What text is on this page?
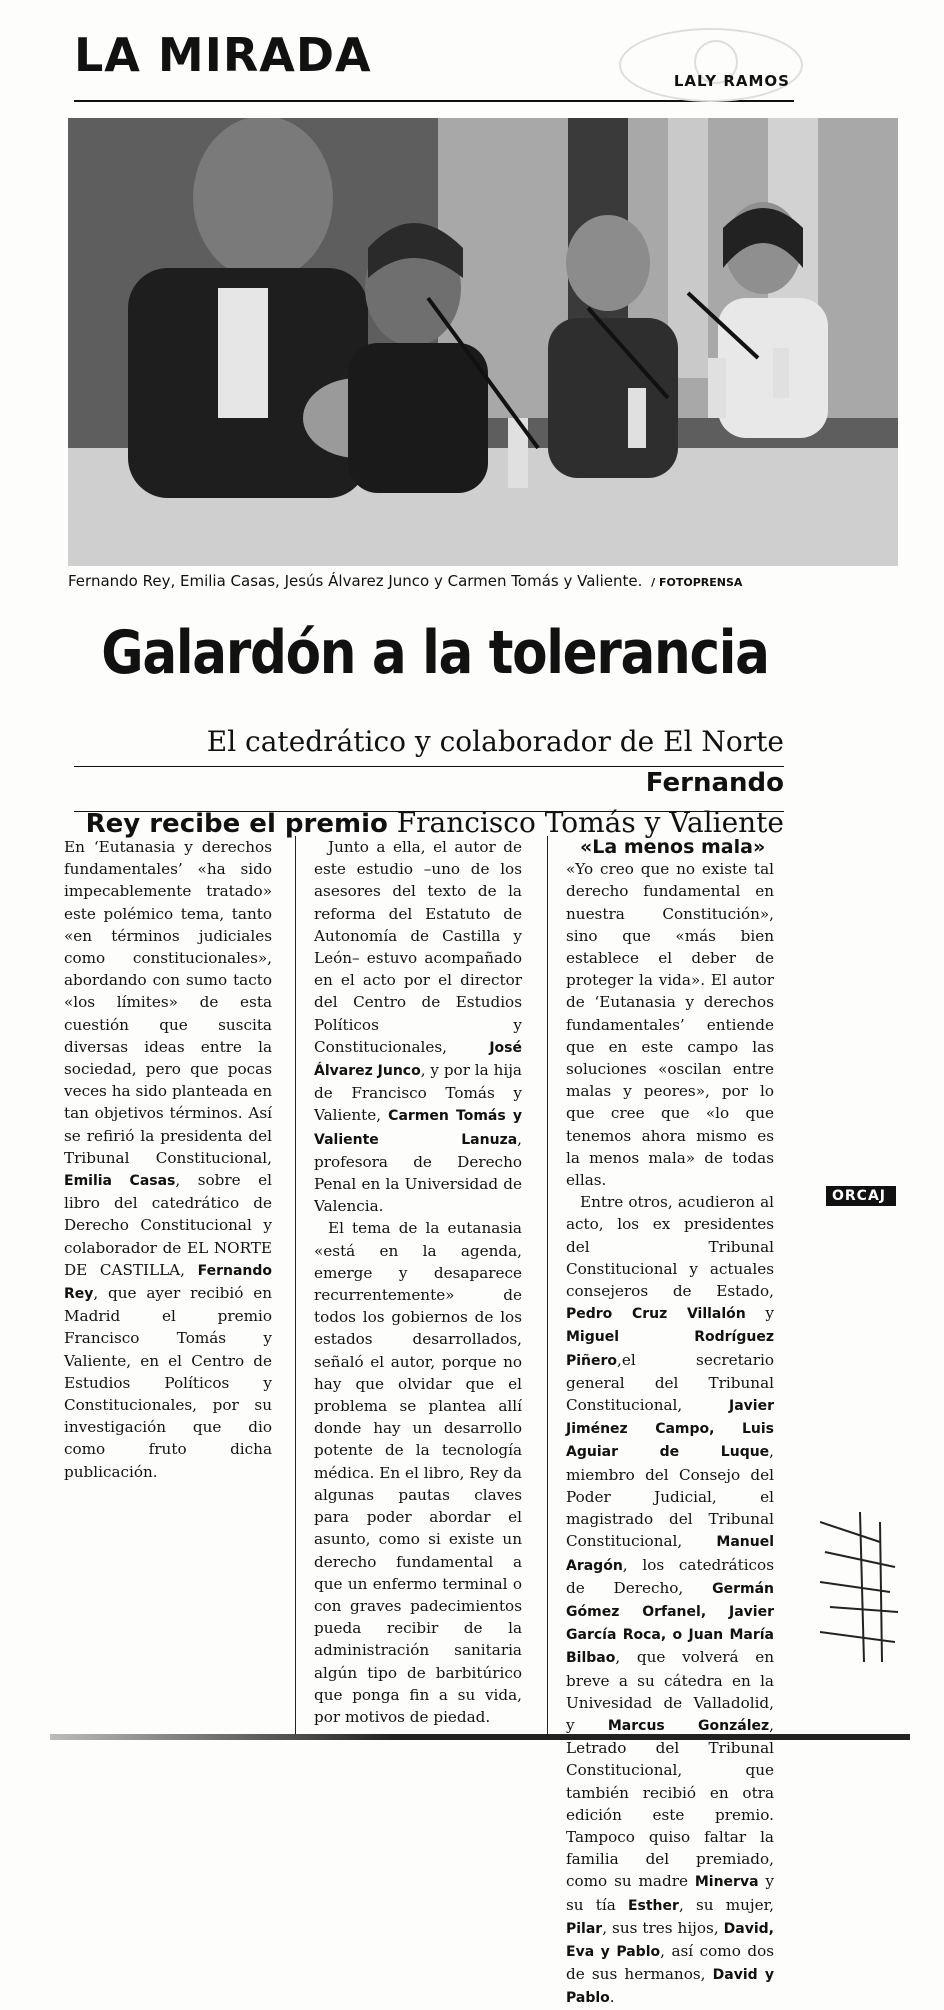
LA MIRADA	LALY RAMOS
Fernando Rey, Emilia Casas, Jesús Álvarez Junco y Carmen Tomás y Valiente. / FOTOPRENSA
Galardón a la tolerancia
El catedrático y colaborador de El Norte Fernando
Rey recibe el premio Francisco Tomás y Valiente

En ‘Eutanasia y derechos fundamentales’ «ha sido impecablemente tratado» este polémico tema, tanto «en términos judiciales como constitucionales», abordando con sumo tacto «los límites» de esta cuestión que suscita diversas ideas entre la sociedad, pero que pocas veces ha sido planteada en tan objetivos términos. Así se refirió la presidenta del Tribunal Constitucional, Emilia Casas, sobre el libro del catedrático de Derecho Constitucional y colaborador de EL NORTE DE CASTILLA, Fernando Rey, que ayer recibió en Madrid el premio Francisco Tomás y Valiente, en el Centro de Estudios Políticos y Constitucionales, por su investigación que dio como fruto dicha publicación.

Junto a ella, el autor de este estudio –uno de los asesores del texto de la reforma del Estatuto de Autonomía de Castilla y León– estuvo acompañado en el acto por el director del Centro de Estudios Políticos y Constitucionales, José Álvarez Junco, y por la hija de Francisco Tomás y Valiente, Carmen Tomás y Valiente Lanuza, profesora de Derecho Penal en la Universidad de Valencia.

El tema de la eutanasia «está en la agenda, emerge y desaparece recurrentemente» de todos los gobiernos de los estados desarrollados, señaló el autor, porque no hay que olvidar que el problema se plantea allí donde hay un desarrollo potente de la tecnología médica. En el libro, Rey da algunas pautas claves para poder abordar el asunto, como si existe un derecho fundamental a que un enfermo terminal o con graves padecimientos pueda recibir de la administración sanitaria algún tipo de barbitúrico que ponga fin a su vida, por motivos de piedad.

ORCAJ

«La menos mala»

«Yo creo que no existe tal derecho fundamental en nuestra Constitución», sino que «más bien establece el deber de proteger la vida». El autor de ‘Eutanasia y derechos fundamentales’ entiende que en este campo las soluciones «oscilan entre malas y peores», por lo que cree que «lo que tenemos ahora mismo es la menos mala» de todas ellas.

Entre otros, acudieron al acto, los ex presidentes del Tribunal Constitucional y actuales consejeros de Estado, Pedro Cruz Villalón y Miguel Rodríguez Piñero,el secretario general del Tribunal Constitucional, Javier Jiménez Campo, Luis Aguiar de Luque, miembro del Consejo del Poder Judicial, el magistrado del Tribunal Constitucional, Manuel Aragón, los catedráticos de Derecho, Germán Gómez Orfanel, Javier García Roca, o Juan María Bilbao, que volverá en breve a su cátedra en la Univesidad de Valladolid, y Marcus González, Letrado del Tribunal Constitucional, que también recibió en otra edición este premio. Tampoco quiso faltar la familia del premiado, como su madre Minerva y su tía Esther, su mujer, Pilar, sus tres hijos, David, Eva y Pablo, así como dos de sus hermanos, David y Pablo.
